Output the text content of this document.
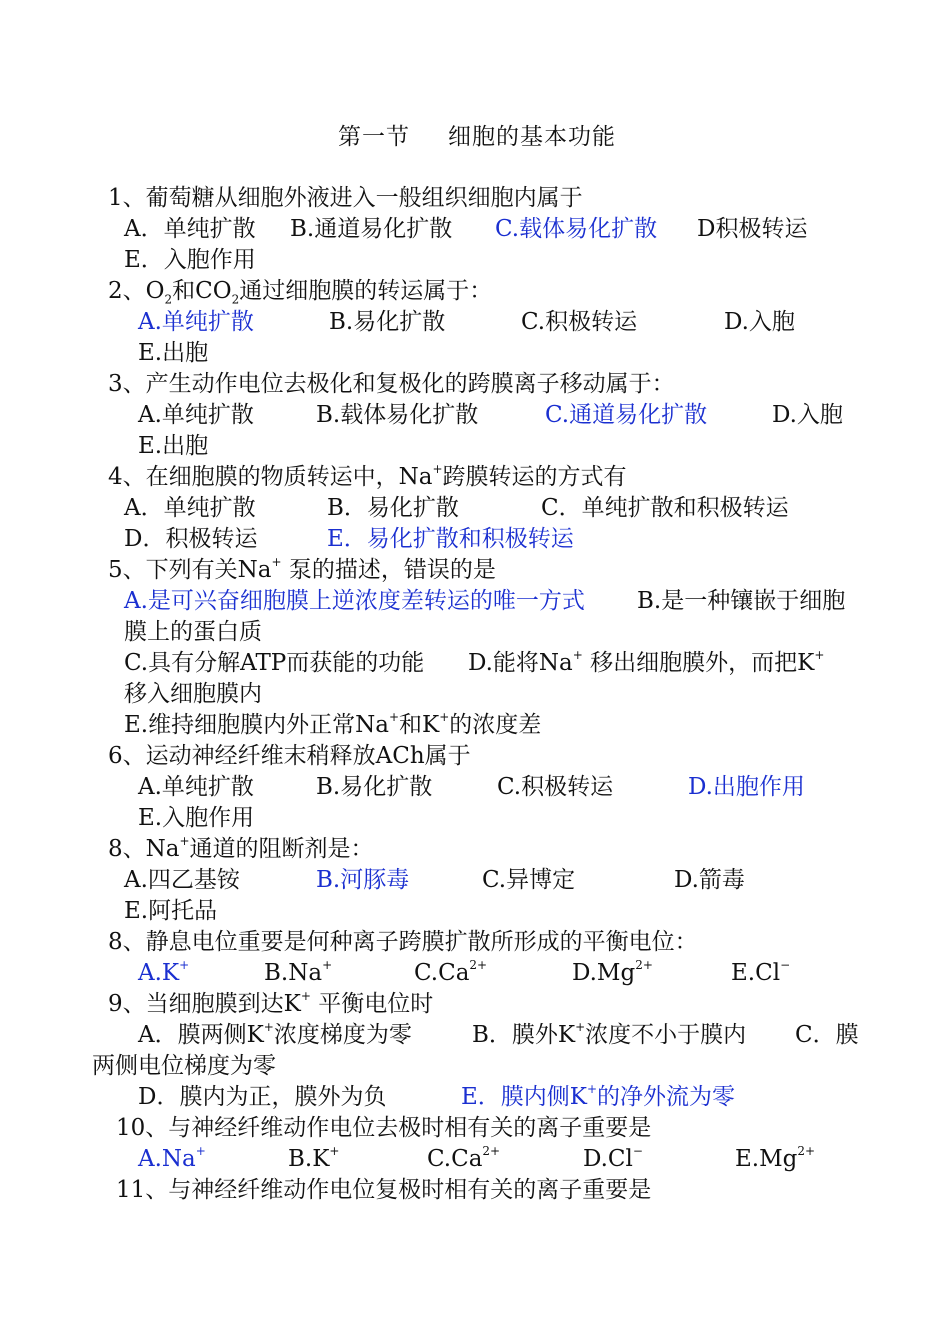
第一节 细胞的基本功能
1、葡萄糖从细胞外液进入一般组织细胞内属于
A．单纯扩散 B.通道易化扩散 C.载体易化扩散 D积极转运
E．入胞作用
2、$O_2$和$CO_2$通过细胞膜的转运属于：
A.单纯扩散	B.易化扩散	C.积极转运	D.入胞
E.出胞
3、产生动作电位去极化和复极化的跨膜离子移动属于：
A.单纯扩散	B.载体易化扩散	C.通道易化扩散	D.入胞
E.出胞
4、在细胞膜的物质转运中，Na+跨膜转运的方式有
A．单纯扩散	B．易化扩散	C．单纯扩散和积极转运
D．积极转运	E．易化扩散和积极转运
5、下列有关Na+ 泵的描述，错误的是
A.是可兴奋细胞膜上逆浓度差转运的唯一方式 B.是一种镶嵌于细胞
膜上的蛋白质
C.具有分解ATP而获能的功能 D.能将Na+ 移出细胞膜外，而把K+
移入细胞膜内
E.维持细胞膜内外正常Na+和K+的浓度差
6、运动神经纤维末稍释放ACh属于
A.单纯扩散	B.易化扩散	C.积极转运	D.出胞作用
E.入胞作用
8、Na+通道的阻断剂是：
A.四乙基铵	B.河豚毒	C.异博定	D.箭毒
E.阿托品
8、静息电位重要是何种离子跨膜扩散所形成的平衡电位：
A.K+	B.Na+	$C.Ca^{2+}$	$D.Mg^{2+}$	E.Cl−
9、当细胞膜到达K+ 平衡电位时
A．膜两侧K+浓度梯度为零	B．膜外K+浓度不小于膜内 C．膜
两侧电位梯度为零
D．膜内为正，膜外为负	E．膜内侧K+的净外流为零
10、与神经纤维动作电位去极时相有关的离子重要是
A.Na+	B.K+	$C.Ca^{2+}$	D.Cl−	$E.Mg^{2+}$
11、与神经纤维动作电位复极时相有关的离子重要是
